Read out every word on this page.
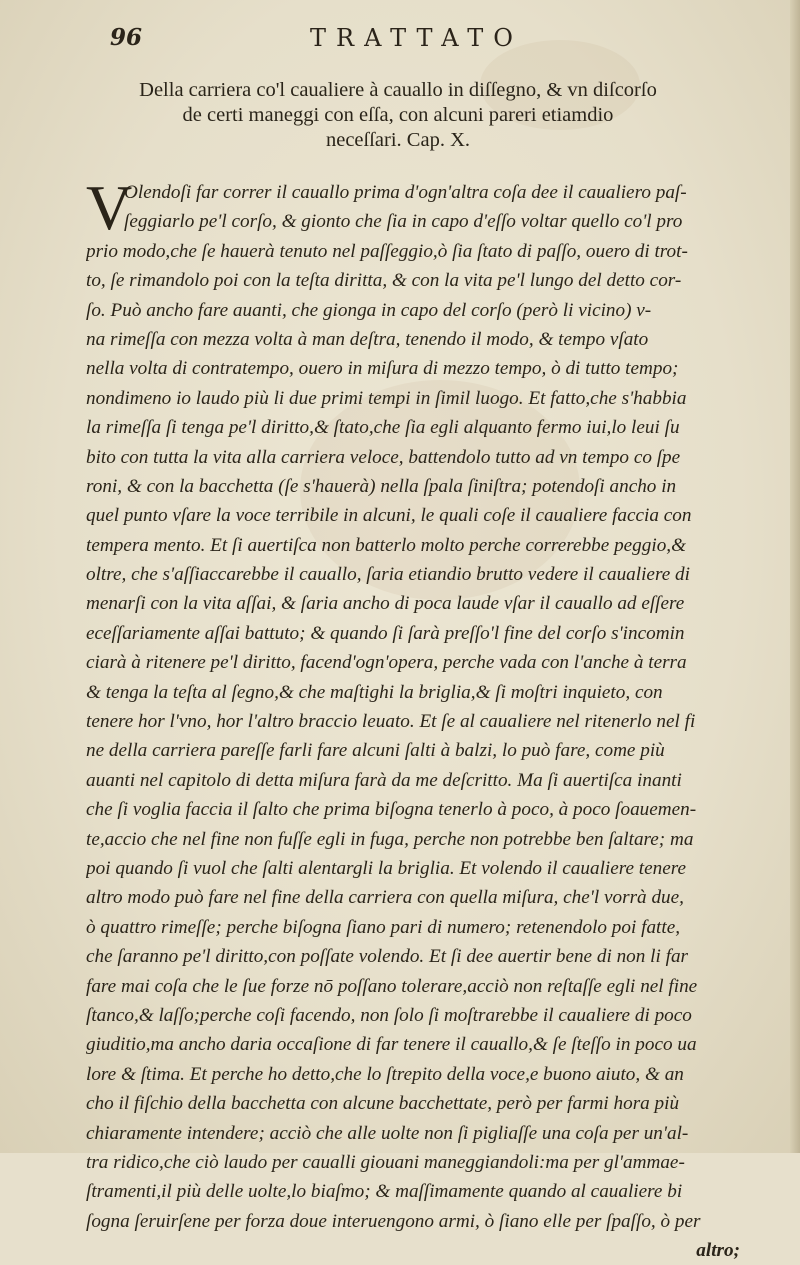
96	TRATTATO
Della carriera co'l caualiere à cauallo in diſſegno, & vn diſcorſo
de certi maneggi con eſſa, con alcuni pareri etiamdio
neceſſari. Cap. X.
V
Olendoſi far correr il cauallo prima d'ogn'altra coſa dee il caualiero paſ-
ſeggiarlo pe'l corſo, & gionto che ſia in capo d'eſſo voltar quello co'l pro
prio modo,che ſe hauerà tenuto nel paſſeggio,ò ſia ſtato di paſſo, ouero di trot-
to, ſe rimandolo poi con la teſta diritta, & con la vita pe'l lungo del detto cor-
ſo. Può ancho fare auanti, che gionga in capo del corſo (però li vicino) v-
na rimeſſa con mezza volta à man deſtra, tenendo il modo, & tempo vſato
nella volta di contratempo, ouero in miſura di mezzo tempo, ò di tutto tempo;
nondimeno io laudo più li due primi tempi in ſimil luogo. Et fatto,che s'habbia
la rimeſſa ſi tenga pe'l diritto,& ſtato,che ſia egli alquanto fermo iui,lo leui ſu
bito con tutta la vita alla carriera veloce, battendolo tutto ad vn tempo co ſpe
roni, & con la bacchetta (ſe s'hauerà) nella ſpala ſiniſtra; potendoſi ancho in
quel punto vſare la voce terribile in alcuni, le quali coſe il caualiere faccia con
tempera mento. Et ſi auertiſca non batterlo molto perche correrebbe peggio,&
oltre, che s'aſſiaccarebbe il cauallo, ſaria etiandio brutto vedere il caualiere di
menarſi con la vita aſſai, & ſaria ancho di poca laude vſar il cauallo ad eſſere
eceſſariamente aſſai battuto; & quando ſi ſarà preſſo'l fine del corſo s'incomin
ciarà à ritenere pe'l diritto, facend'ogn'opera, perche vada con l'anche à terra
& tenga la teſta al ſegno,& che maſtighi la briglia,& ſi moſtri inquieto, con
tenere hor l'vno, hor l'altro braccio leuato. Et ſe al caualiere nel ritenerlo nel fi
ne della carriera pareſſe farli fare alcuni ſalti à balzi, lo può fare, come più
auanti nel capitolo di detta miſura farà da me deſcritto. Ma ſi auertiſca inanti
che ſi voglia faccia il ſalto che prima biſogna tenerlo à poco, à poco ſoauemen-
te,accio che nel fine non fuſſe egli in fuga, perche non potrebbe ben ſaltare; ma
poi quando ſi vuol che ſalti alentargli la briglia. Et volendo il caualiere tenere
altro modo può fare nel fine della carriera con quella miſura, che'l vorrà due,
ò quattro rimeſſe; perche biſogna ſiano pari di numero; retenendolo poi fatte,
che ſaranno pe'l diritto,con poſſate volendo. Et ſi dee auertir bene di non li far
fare mai coſa che le ſue forze nō poſſano tolerare,acciò non reſtaſſe egli nel fine
ſtanco,& laſſo;perche coſi facendo, non ſolo ſi moſtrarebbe il caualiere di poco
giuditio,ma ancho daria occaſione di far tenere il cauallo,& ſe ſteſſo in poco ua
lore & ſtima. Et perche ho detto,che lo ſtrepito della voce,e buono aiuto, & an
cho il fiſchio della bacchetta con alcune bacchettate, però per farmi hora più
chiaramente intendere; acciò che alle uolte non ſi pigliaſſe una coſa per un'al-
tra ridico,che ciò laudo per caualli giouani maneggiandoli:ma per gl'ammae-
ſtramenti,il più delle uolte,lo biaſmo; & maſſimamente quando al caualiere bi
ſogna ſeruirſene per forza doue interuengono armi, ò ſiano elle per ſpaſſo, ò per
altro;
